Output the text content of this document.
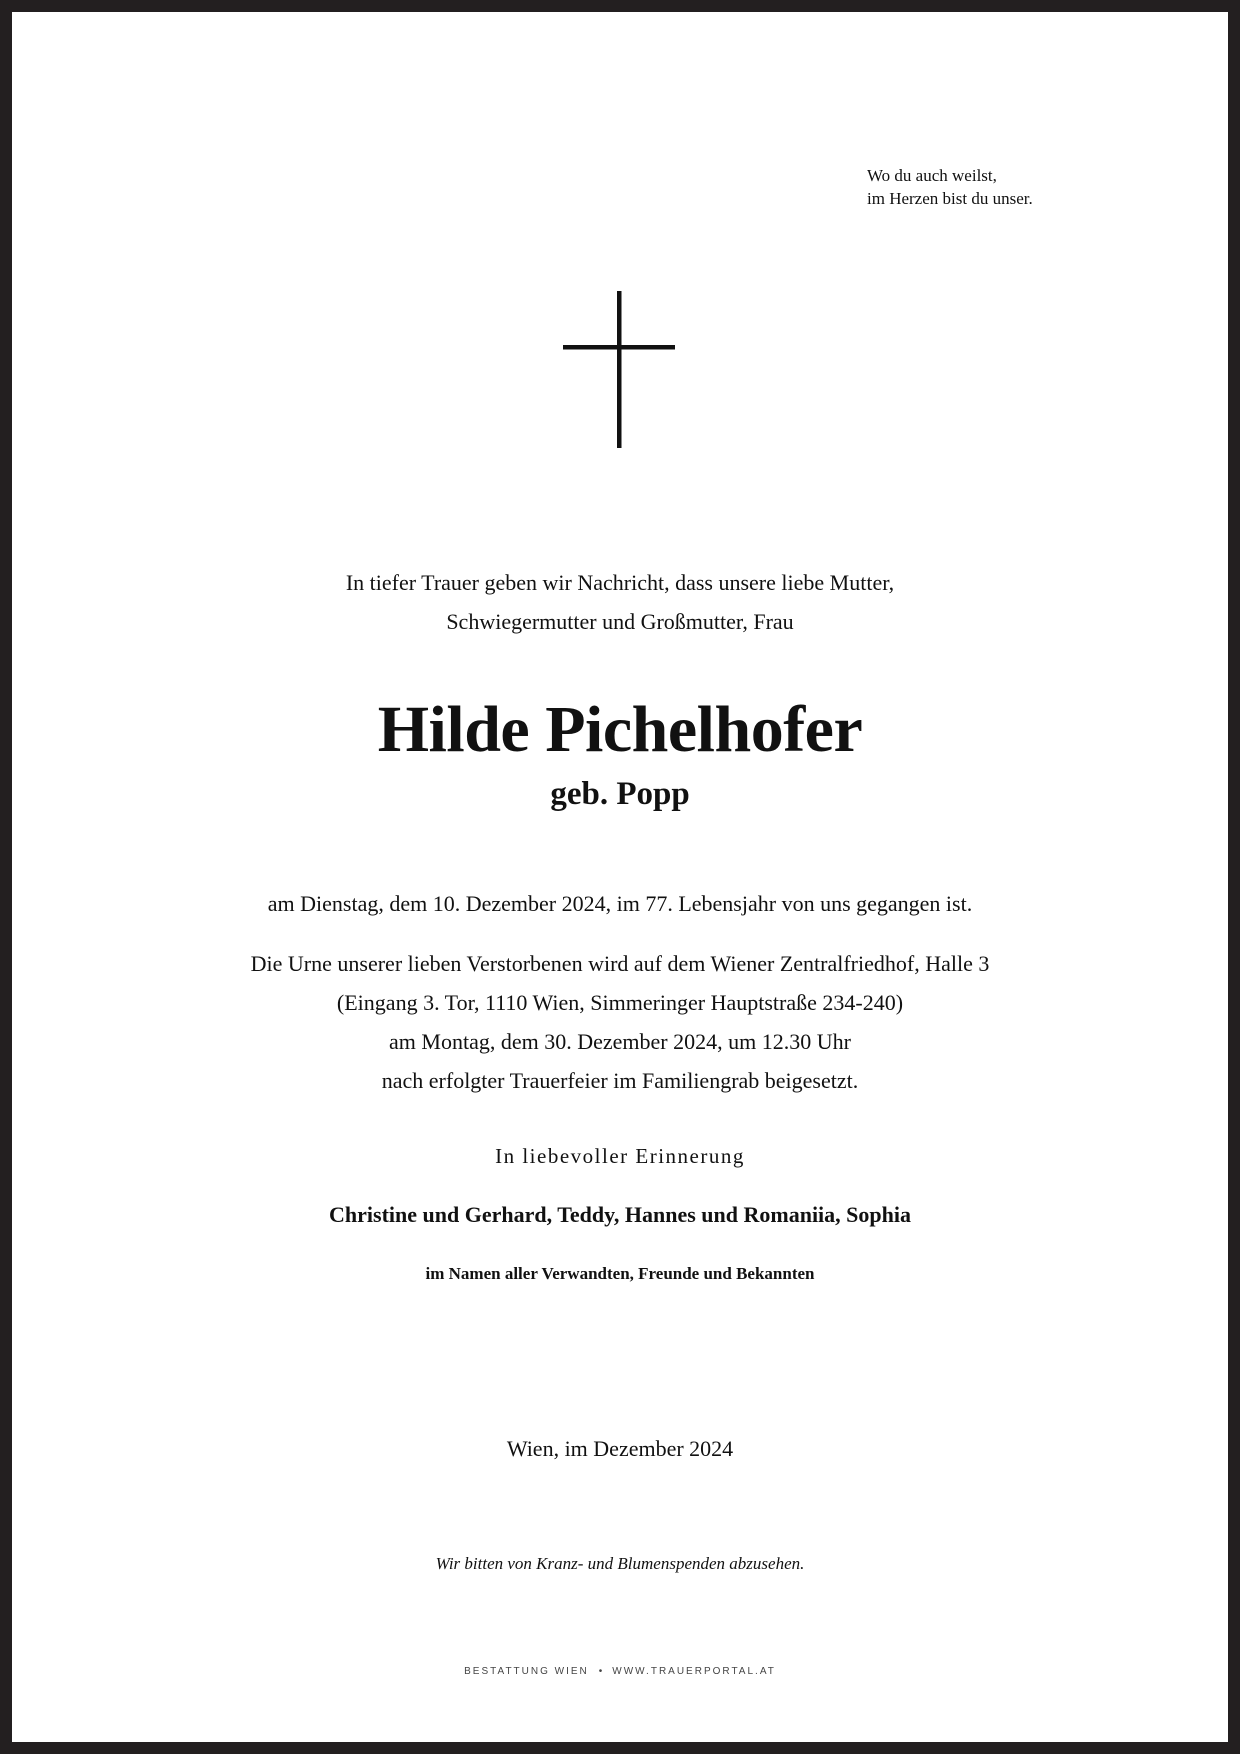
Wo du auch weilst,
im Herzen bist du unser.
In tiefer Trauer geben wir Nachricht, dass unsere liebe Mutter,
Schwiegermutter und Großmutter, Frau
Hilde Pichelhofer
geb. Popp
am Dienstag, dem 10. Dezember 2024, im 77. Lebensjahr von uns gegangen ist.
Die Urne unserer lieben Verstorbenen wird auf dem Wiener Zentralfriedhof, Halle 3
(Eingang 3. Tor, 1110 Wien, Simmeringer Hauptstraße 234-240)
am Montag, dem 30. Dezember 2024, um 12.30 Uhr
nach erfolgter Trauerfeier im Familiengrab beigesetzt.
In liebevoller Erinnerung
Christine und Gerhard, Teddy, Hannes und Romaniia, Sophia
im Namen aller Verwandten, Freunde und Bekannten
Wien, im Dezember 2024
Wir bitten von Kranz- und Blumenspenden abzusehen.
BESTATTUNG WIEN • WWW.TRAUERPORTAL.AT
